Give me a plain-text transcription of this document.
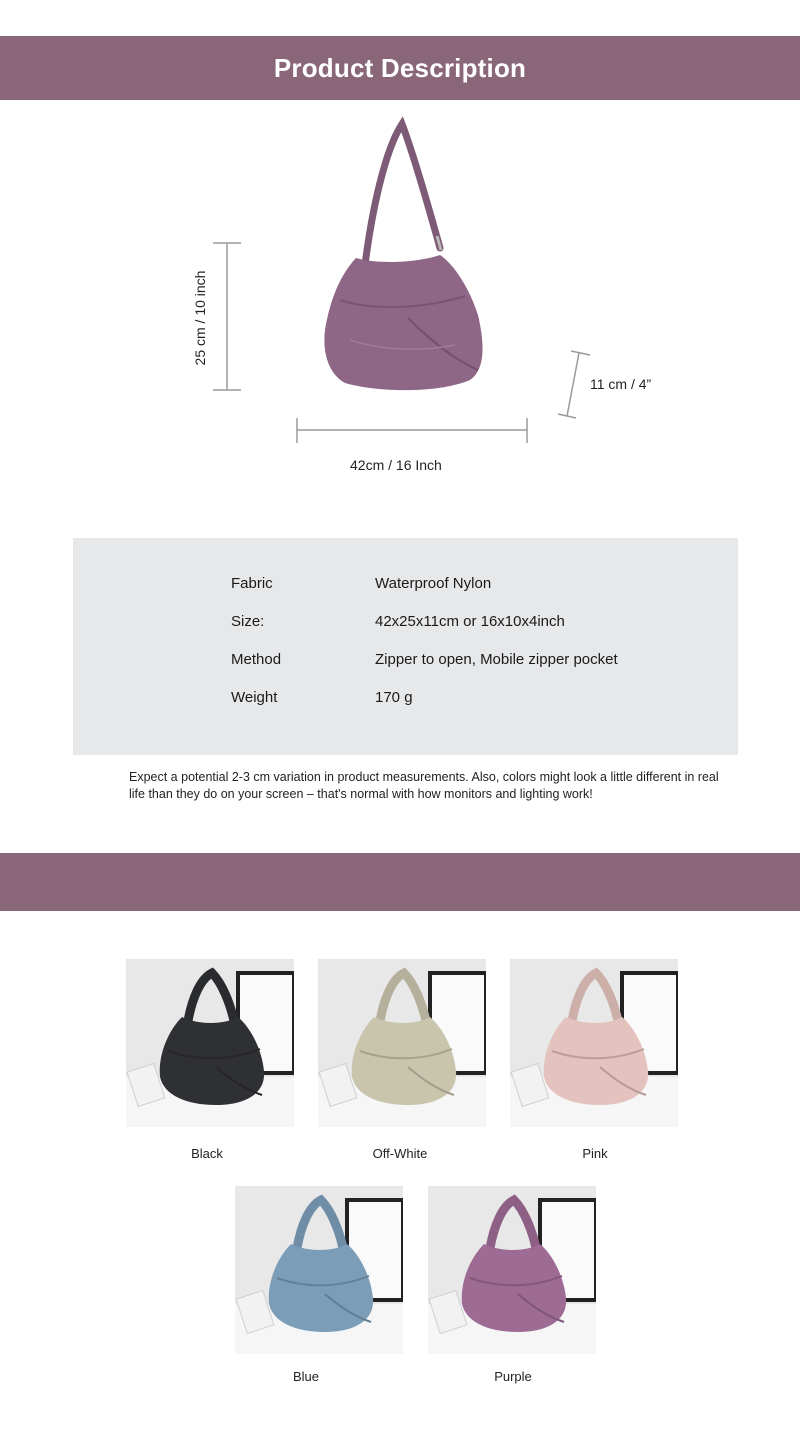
Product Description
25 cm / 10 inch
11 cm / 4”
42cm / 16 Inch
Fabric	Waterproof Nylon
Size:	42x25x11cm or 16x10x4inch
Method	Zipper to open, Mobile zipper pocket
Weight	170 g

Expect a potential 2-3 cm variation in product measurements. Also, colors might look a little different in real life than they do on your screen – that's normal with how monitors and lighting work!

Black	Off-White	Pink
Blue	Purple
